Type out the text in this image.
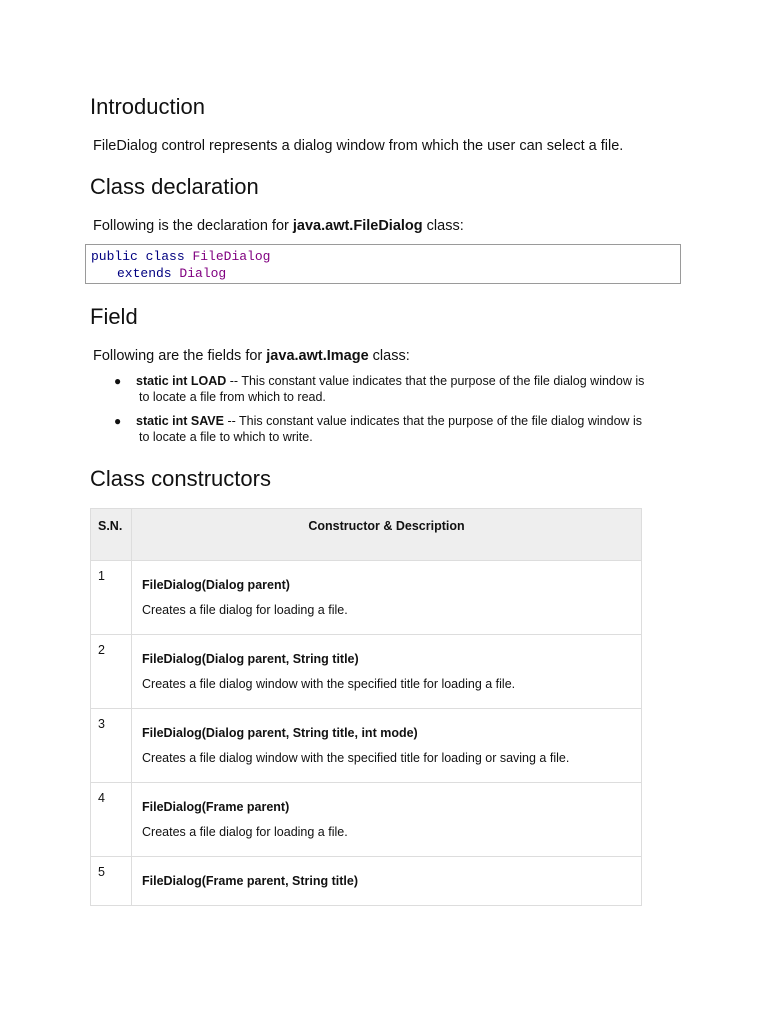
Introduction

FileDialog control represents a dialog window from which the user can select a file.

Class declaration

Following is the declaration for java.awt.FileDialog class:

public class FileDialog
extends Dialog
Field

Following are the fields for java.awt.Image class:

● static int LOAD -- This constant value indicates that the purpose of the file dialog window is
to locate a file from which to read.
● static int SAVE -- This constant value indicates that the purpose of the file dialog window is
to locate a file to which to write.
Class constructors
S.N.	Constructor & Description
1	FileDialog(Dialog parent)
Creates a file dialog for loading a file.

2	FileDialog(Dialog parent, String title)
Creates a file dialog window with the specified title for loading a file.

3	FileDialog(Dialog parent, String title, int mode)
Creates a file dialog window with the specified title for loading or saving a file.

4	FileDialog(Frame parent)
Creates a file dialog for loading a file.

5	FileDialog(Frame parent, String title)
